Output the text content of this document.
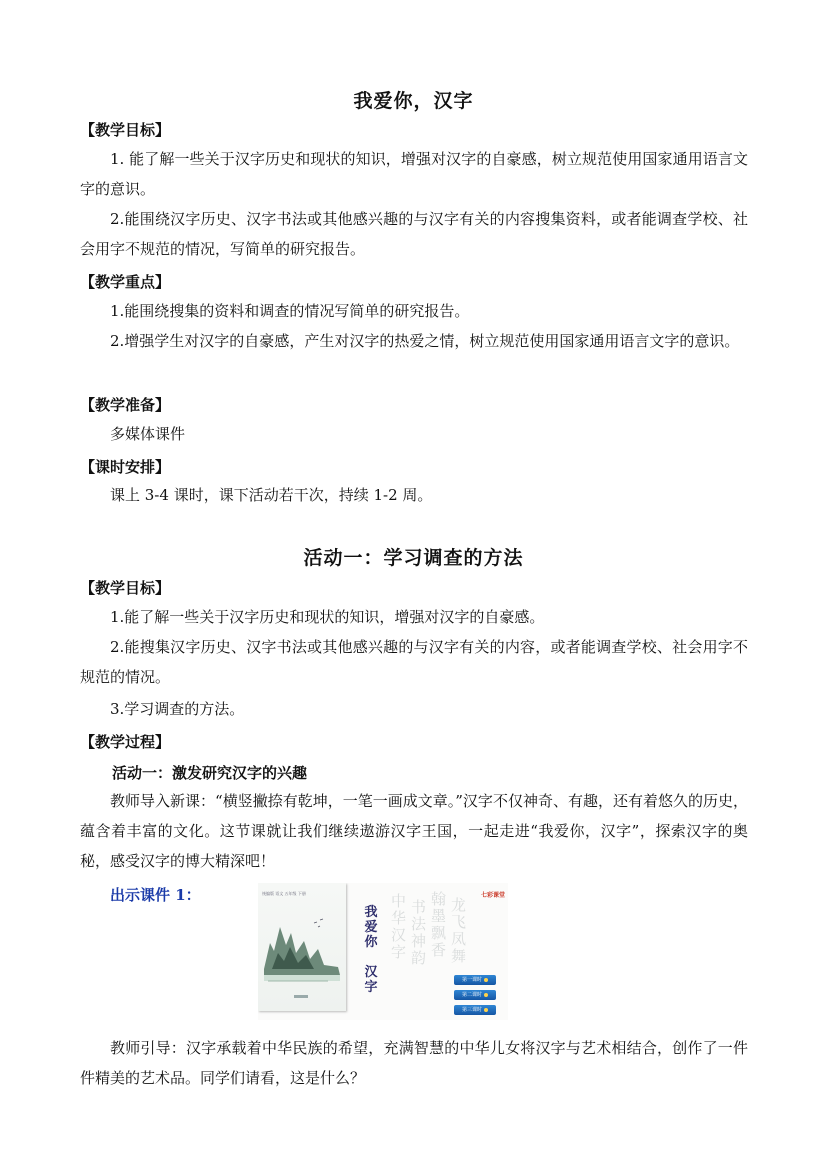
我爱你，汉字
【教学目标】

1. 能了解一些关于汉字历史和现状的知识，增强对汉字的自豪感，树立规范使用国家通用语言文字的意识。

2.能围绕汉字历史、汉字书法或其他感兴趣的与汉字有关的内容搜集资料，或者能调查学校、社会用字不规范的情况，写简单的研究报告。

【教学重点】

1.能围绕搜集的资料和调查的情况写简单的研究报告。

2.增强学生对汉字的自豪感，产生对汉字的热爱之情，树立规范使用国家通用语言文字的意识。

【教学准备】

多媒体课件

【课时安排】

课上 3-4 课时，课下活动若干次，持续 1-2 周。

活动一：学习调查的方法
【教学目标】

1.能了解一些关于汉字历史和现状的知识，增强对汉字的自豪感。

2.能搜集汉字历史、汉字书法或其他感兴趣的与汉字有关的内容，或者能调查学校、社会用字不规范的情况。

3.学习调查的方法。

【教学过程】
活动一：激发研究汉字的兴趣

教师导入新课：“横竖撇捺有乾坤，一笔一画成文章。”汉字不仅神奇、有趣，还有着悠久的历史，蕴含着丰富的文化。这节课就让我们继续遨游汉字王国，一起走进“我爱你，汉字”，探索汉字的奥秘，感受汉字的博大精深吧！

出示课件 1：	统编版 语文 五年级 下册
我
爱
你
汉
字
中华汉字
书法神韵
翰墨飘香
龙飞凤舞
七彩课堂
第一课时
第二课时
第三课时

教师引导：汉字承载着中华民族的希望，充满智慧的中华儿女将汉字与艺术相结合，创作了一件件精美的艺术品。同学们请看，这是什么？
